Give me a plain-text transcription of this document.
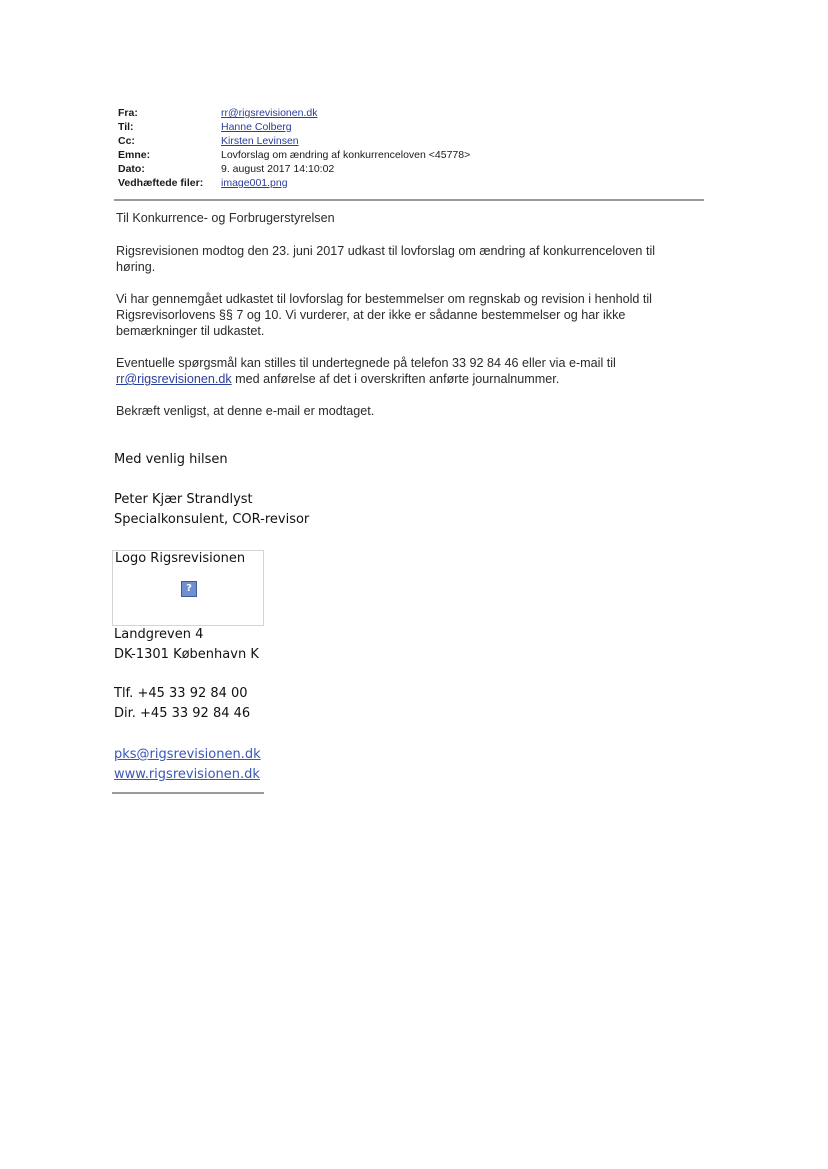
Fra:	rr@rigsrevisionen.dk
Til:	Hanne Colberg
Cc:	Kirsten Levinsen
Emne:	Lovforslag om ændring af konkurrenceloven <45778>
Dato:	9. august 2017 14:10:02
Vedhæftede filer:	image001.png
Til Konkurrence- og Forbrugerstyrelsen
Rigsrevisionen modtog den 23. juni 2017 udkast til lovforslag om ændring af konkurrenceloven til
høring.
Vi har gennemgået udkastet til lovforslag for bestemmelser om regnskab og revision i henhold til
Rigsrevisorlovens §§ 7 og 10. Vi vurderer, at der ikke er sådanne bestemmelser og har ikke
bemærkninger til udkastet.
Eventuelle spørgsmål kan stilles til undertegnede på telefon 33 92 84 46 eller via e-mail til
rr@rigsrevisionen.dk med anførelse af det i overskriften anførte journalnummer.
Bekræft venligst, at denne e-mail er modtaget.
Med venlig hilsen
Peter Kjær Strandlyst
Specialkonsulent, COR-revisor
Logo Rigsrevisionen
?
Landgreven 4
DK-1301 København K
Tlf. +45 33 92 84 00
Dir. +45 33 92 84 46
pks@rigsrevisionen.dk
www.rigsrevisionen.dk
